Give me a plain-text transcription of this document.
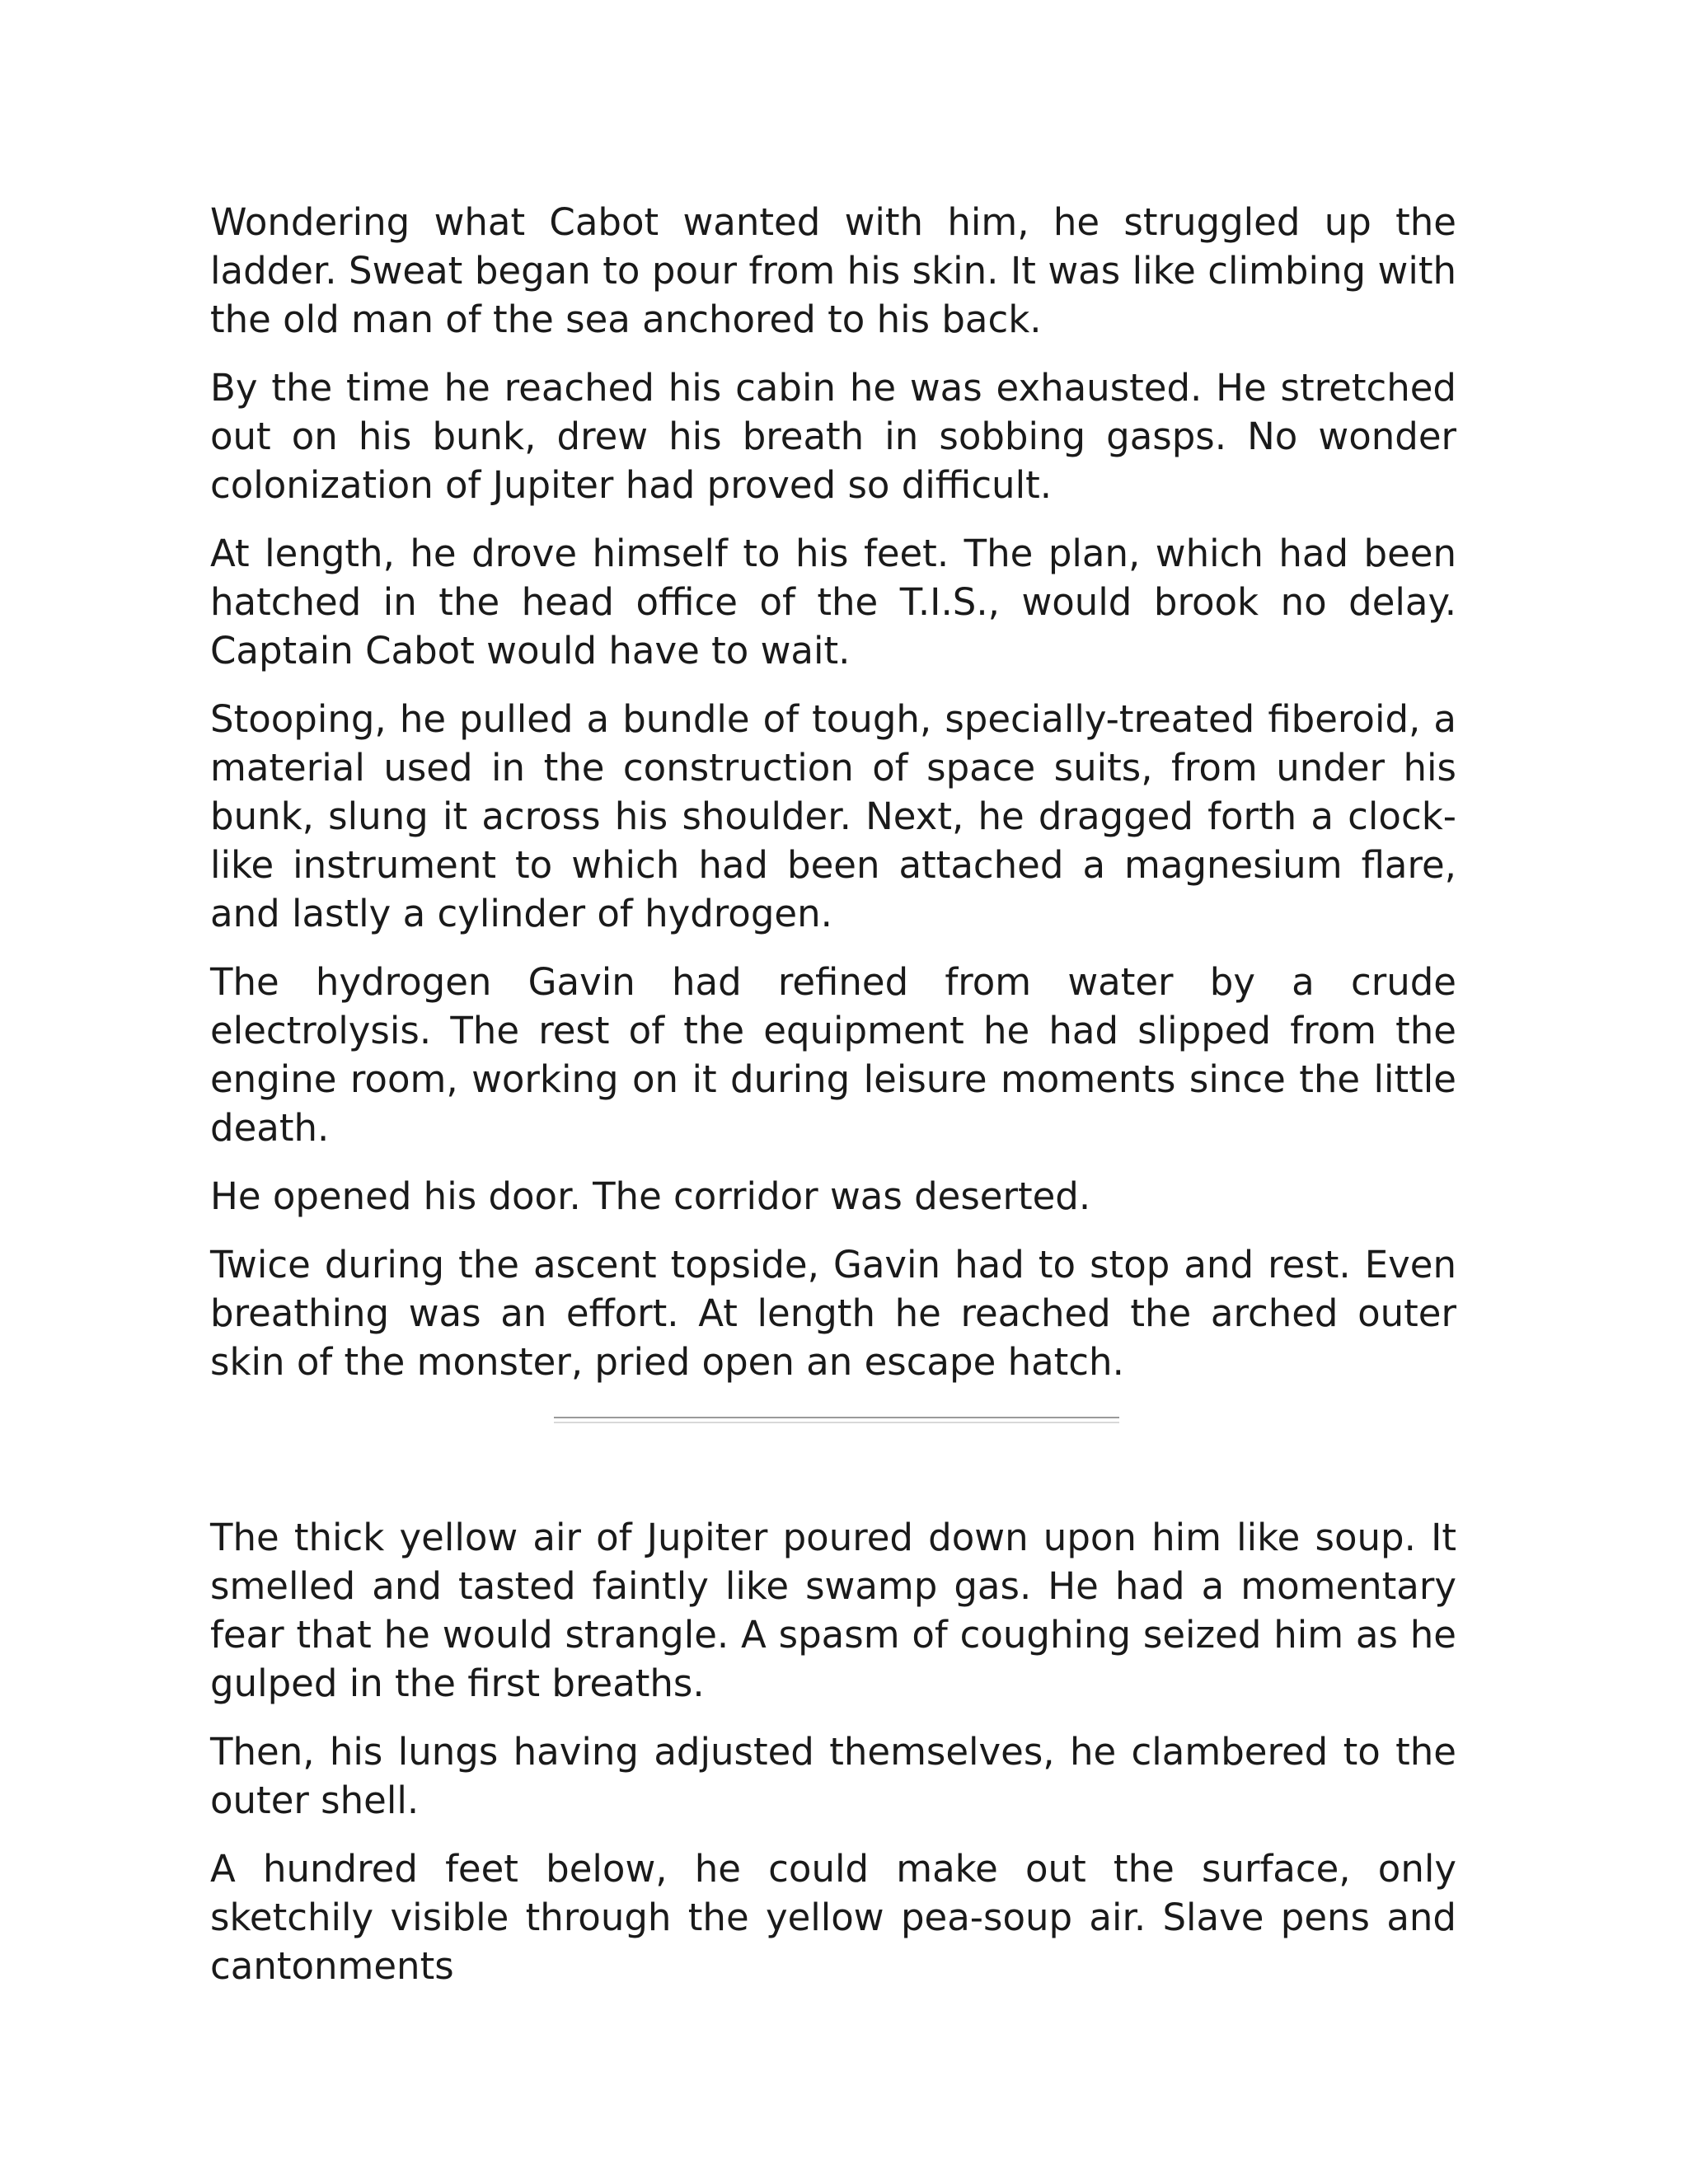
Wondering what Cabot wanted with him, he struggled up the ladder. Sweat began to pour from his skin. It was like climbing with the old man of the sea anchored to his back.

By the time he reached his cabin he was exhausted. He stretched out on his bunk, drew his breath in sobbing gasps. No wonder colonization of Jupiter had proved so difficult.

At length, he drove himself to his feet. The plan, which had been hatched in the head office of the T.I.S., would brook no delay. Captain Cabot would have to wait.

Stooping, he pulled a bundle of tough, specially-treated fiberoid, a material used in the construction of space suits, from under his bunk, slung it across his shoulder. Next, he dragged forth a clock-like instrument to which had been attached a magnesium flare, and lastly a cylinder of hydrogen.

The hydrogen Gavin had refined from water by a crude electrolysis. The rest of the equipment he had slipped from the engine room, working on it during leisure moments since the little death.

He opened his door. The corridor was deserted.

Twice during the ascent topside, Gavin had to stop and rest. Even breathing was an effort. At length he reached the arched outer skin of the monster, pried open an escape hatch.

The thick yellow air of Jupiter poured down upon him like soup. It smelled and tasted faintly like swamp gas. He had a momentary fear that he would strangle. A spasm of coughing seized him as he gulped in the first breaths.

Then, his lungs having adjusted themselves, he clambered to the outer shell.

A hundred feet below, he could make out the surface, only sketchily visible through the yellow pea-soup air. Slave pens and cantonments
